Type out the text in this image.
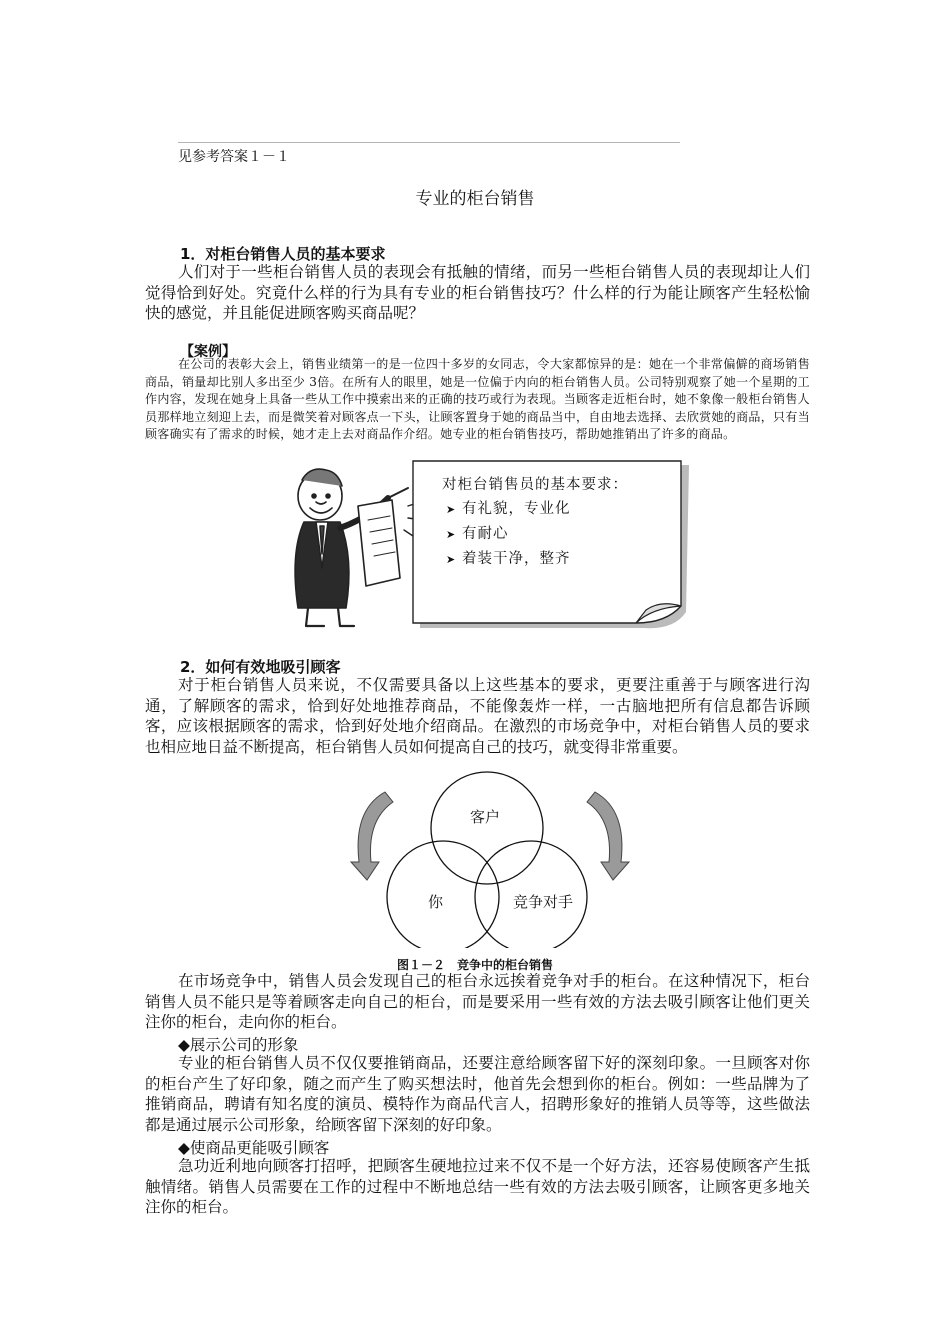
见参考答案１－１
专业的柜台销售
1．对柜台销售人员的基本要求

人们对于一些柜台销售人员的表现会有抵触的情绪，而另一些柜台销售人员的表现却让人们觉得恰到好处。究竟什么样的行为具有专业的柜台销售技巧？什么样的行为能让顾客产生轻松愉快的感觉，并且能促进顾客购买商品呢？

【案例】

在公司的表彰大会上，销售业绩第一的是一位四十多岁的女同志，令大家都惊异的是：她在一个非常偏僻的商场销售商品，销量却比别人多出至少 3倍。在所有人的眼里，她是一位偏于内向的柜台销售人员。公司特别观察了她一个星期的工作内容，发现在她身上具备一些从工作中摸索出来的正确的技巧或行为表现。当顾客走近柜台时，她不象像一般柜台销售人员那样地立刻迎上去，而是微笑着对顾客点一下头，让顾客置身于她的商品当中，自由地去选择、去欣赏她的商品，只有当顾客确实有了需求的时候，她才走上去对商品作介绍。她专业的柜台销售技巧，帮助她推销出了许多的商品。

对柜台销售员的基本要求：
➤ 有礼貌，专业化
➤ 有耐心
➤ 着装干净，整齐
2．如何有效地吸引顾客

对于柜台销售人员来说，不仅需要具备以上这些基本的要求，更要注重善于与顾客进行沟通，了解顾客的需求，恰到好处地推荐商品，不能像轰炸一样，一古脑地把所有信息都告诉顾客，应该根据顾客的需求，恰到好处地介绍商品。在激烈的市场竞争中，对柜台销售人员的要求也相应地日益不断提高，柜台销售人员如何提高自己的技巧，就变得非常重要。

客户
你	竞争对手
图１－２　竞争中的柜台销售

在市场竞争中，销售人员会发现自己的柜台永远挨着竞争对手的柜台。在这种情况下，柜台销售人员不能只是等着顾客走向自己的柜台，而是要采用一些有效的方法去吸引顾客让他们更关注你的柜台，走向你的柜台。

◆展示公司的形象

专业的柜台销售人员不仅仅要推销商品，还要注意给顾客留下好的深刻印象。一旦顾客对你的柜台产生了好印象，随之而产生了购买想法时，他首先会想到你的柜台。例如：一些品牌为了推销商品，聘请有知名度的演员、模特作为商品代言人，招聘形象好的推销人员等等，这些做法都是通过展示公司形象，给顾客留下深刻的好印象。

◆使商品更能吸引顾客

急功近利地向顾客打招呼，把顾客生硬地拉过来不仅不是一个好方法，还容易使顾客产生抵触情绪。销售人员需要在工作的过程中不断地总结一些有效的方法去吸引顾客，让顾客更多地关注你的柜台。
